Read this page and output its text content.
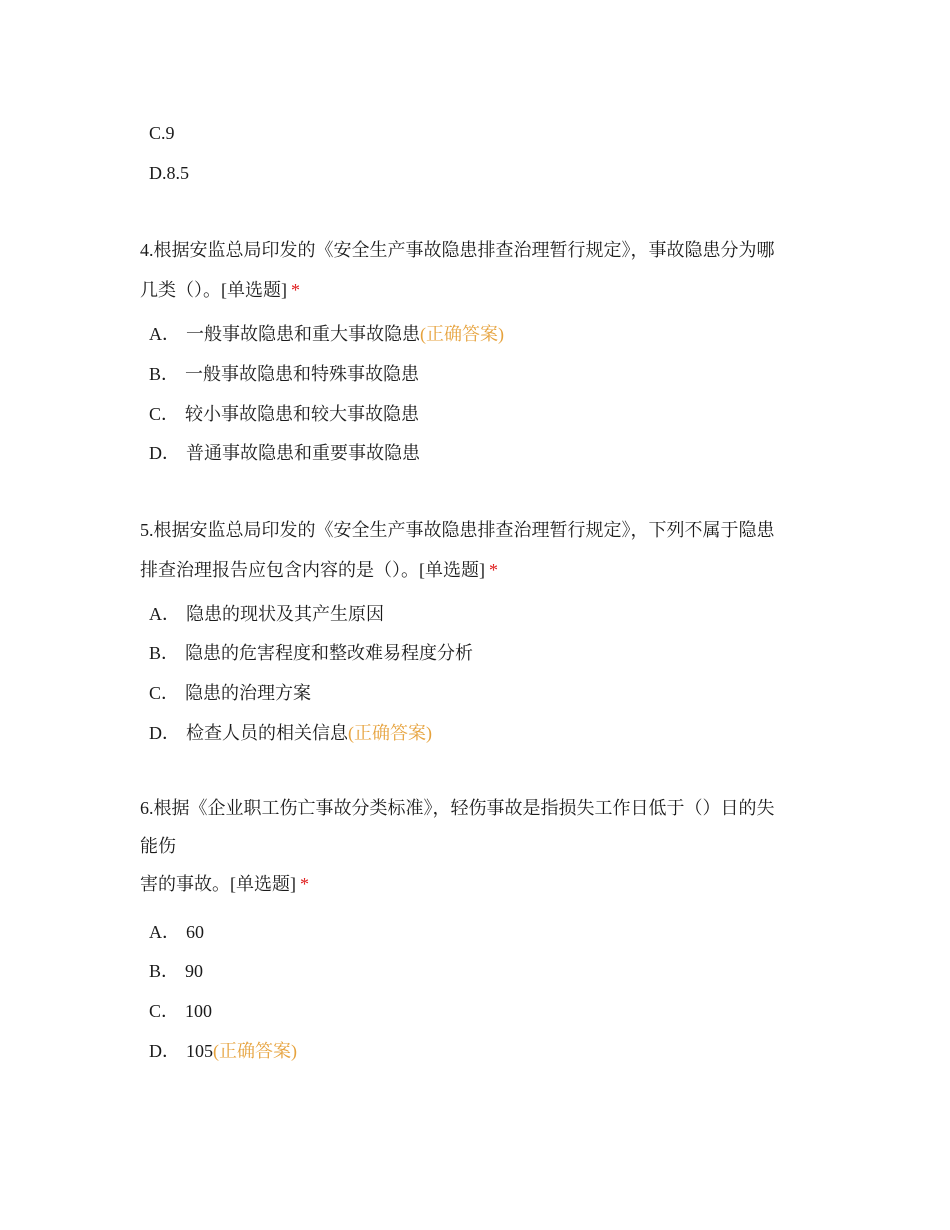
C.9
D.8.5
4.根据安监总局印发的《安全生产事故隐患排查治理暂行规定》，事故隐患分为哪
几类（）。[单选题] *
A． 一般事故隐患和重大事故隐患(正确答案)
B． 一般事故隐患和特殊事故隐患
C． 较小事故隐患和较大事故隐患
D． 普通事故隐患和重要事故隐患
5.根据安监总局印发的《安全生产事故隐患排查治理暂行规定》，下列不属于隐患
排查治理报告应包含内容的是（）。[单选题] *
A． 隐患的现状及其产生原因
B． 隐患的危害程度和整改难易程度分析
C． 隐患的治理方案
D． 检查人员的相关信息(正确答案)
6.根据《企业职工伤亡事故分类标准》，轻伤事故是指损失工作日低于（）日的失
能伤
害的事故。[单选题] *
A． 60
B． 90
C． 100
D． 105(正确答案)
